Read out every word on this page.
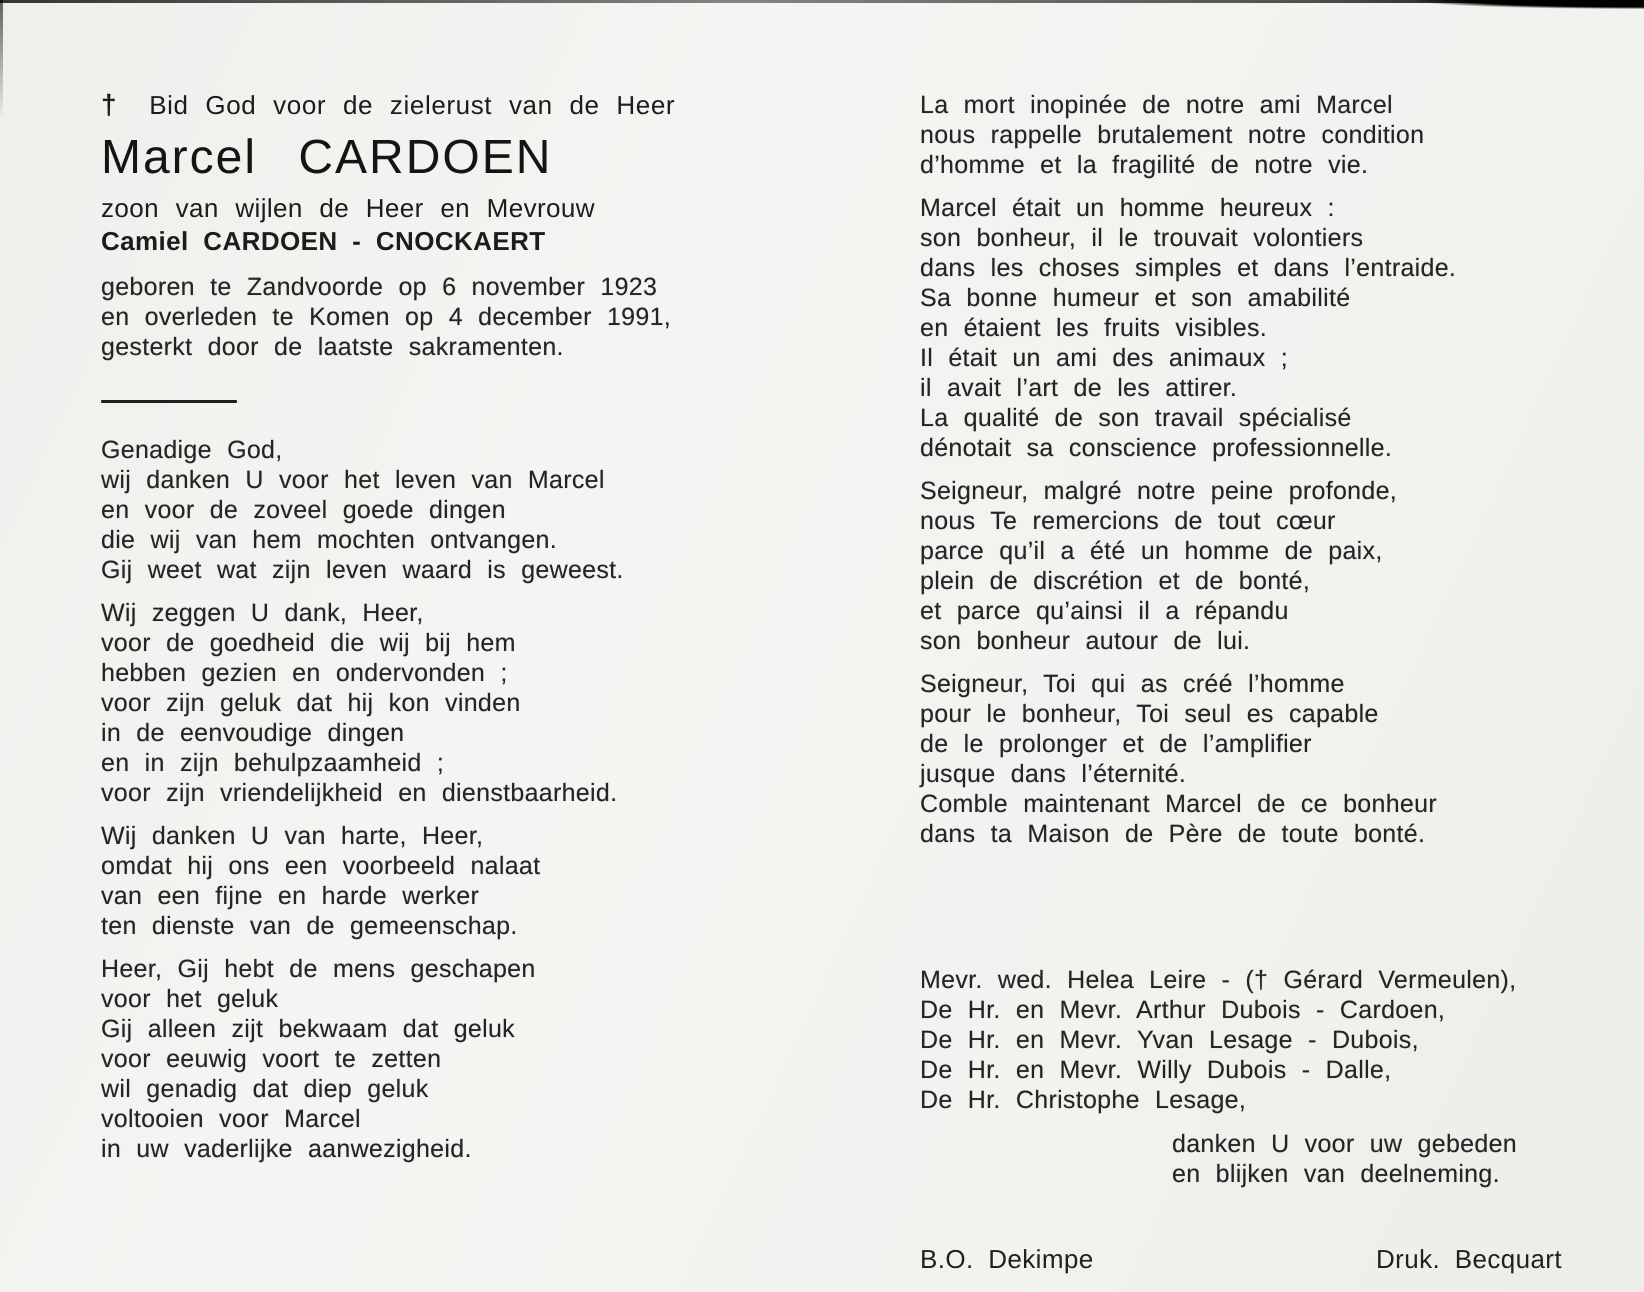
† Bid God voor de zielerust van de Heer
Marcel CARDOEN
zoon van wijlen de Heer en Mevrouw
Camiel CARDOEN - CNOCKAERT
geboren te Zandvoorde op 6 november 1923
en overleden te Komen op 4 december 1991,
gesterkt door de laatste sakramenten.

Genadige God,
wij danken U voor het leven van Marcel
en voor de zoveel goede dingen
die wij van hem mochten ontvangen.
Gij weet wat zijn leven waard is geweest.

Wij zeggen U dank, Heer,
voor de goedheid die wij bij hem
hebben gezien en ondervonden ;
voor zijn geluk dat hij kon vinden
in de eenvoudige dingen
en in zijn behulpzaamheid ;
voor zijn vriendelijkheid en dienstbaarheid.

Wij danken U van harte, Heer,
omdat hij ons een voorbeeld nalaat
van een fijne en harde werker
ten dienste van de gemeenschap.

Heer, Gij hebt de mens geschapen
voor het geluk
Gij alleen zijt bekwaam dat geluk
voor eeuwig voort te zetten
wil genadig dat diep geluk
voltooien voor Marcel
in uw vaderlijke aanwezigheid.

La mort inopinée de notre ami Marcel
nous rappelle brutalement notre condition
d’homme et la fragilité de notre vie.

Marcel était un homme heureux :
son bonheur, il le trouvait volontiers
dans les choses simples et dans l’entraide.
Sa bonne humeur et son amabilité
en étaient les fruits visibles.
Il était un ami des animaux ;
il avait l’art de les attirer.
La qualité de son travail spécialisé
dénotait sa conscience professionnelle.

Seigneur, malgré notre peine profonde,
nous Te remercions de tout cœur
parce qu’il a été un homme de paix,
plein de discrétion et de bonté,
et parce qu’ainsi il a répandu
son bonheur autour de lui.

Seigneur, Toi qui as créé l’homme
pour le bonheur, Toi seul es capable
de le prolonger et de l’amplifier
jusque dans l’éternité.
Comble maintenant Marcel de ce bonheur
dans ta Maison de Père de toute bonté.

Mevr. wed. Helea Leire - († Gérard Vermeulen),
De Hr. en Mevr. Arthur Dubois - Cardoen,
De Hr. en Mevr. Yvan Lesage - Dubois,
De Hr. en Mevr. Willy Dubois - Dalle,
De Hr. Christophe Lesage,
danken U voor uw gebeden
en blijken van deelneming.
B.O. Dekimpe	Druk. Becquart
